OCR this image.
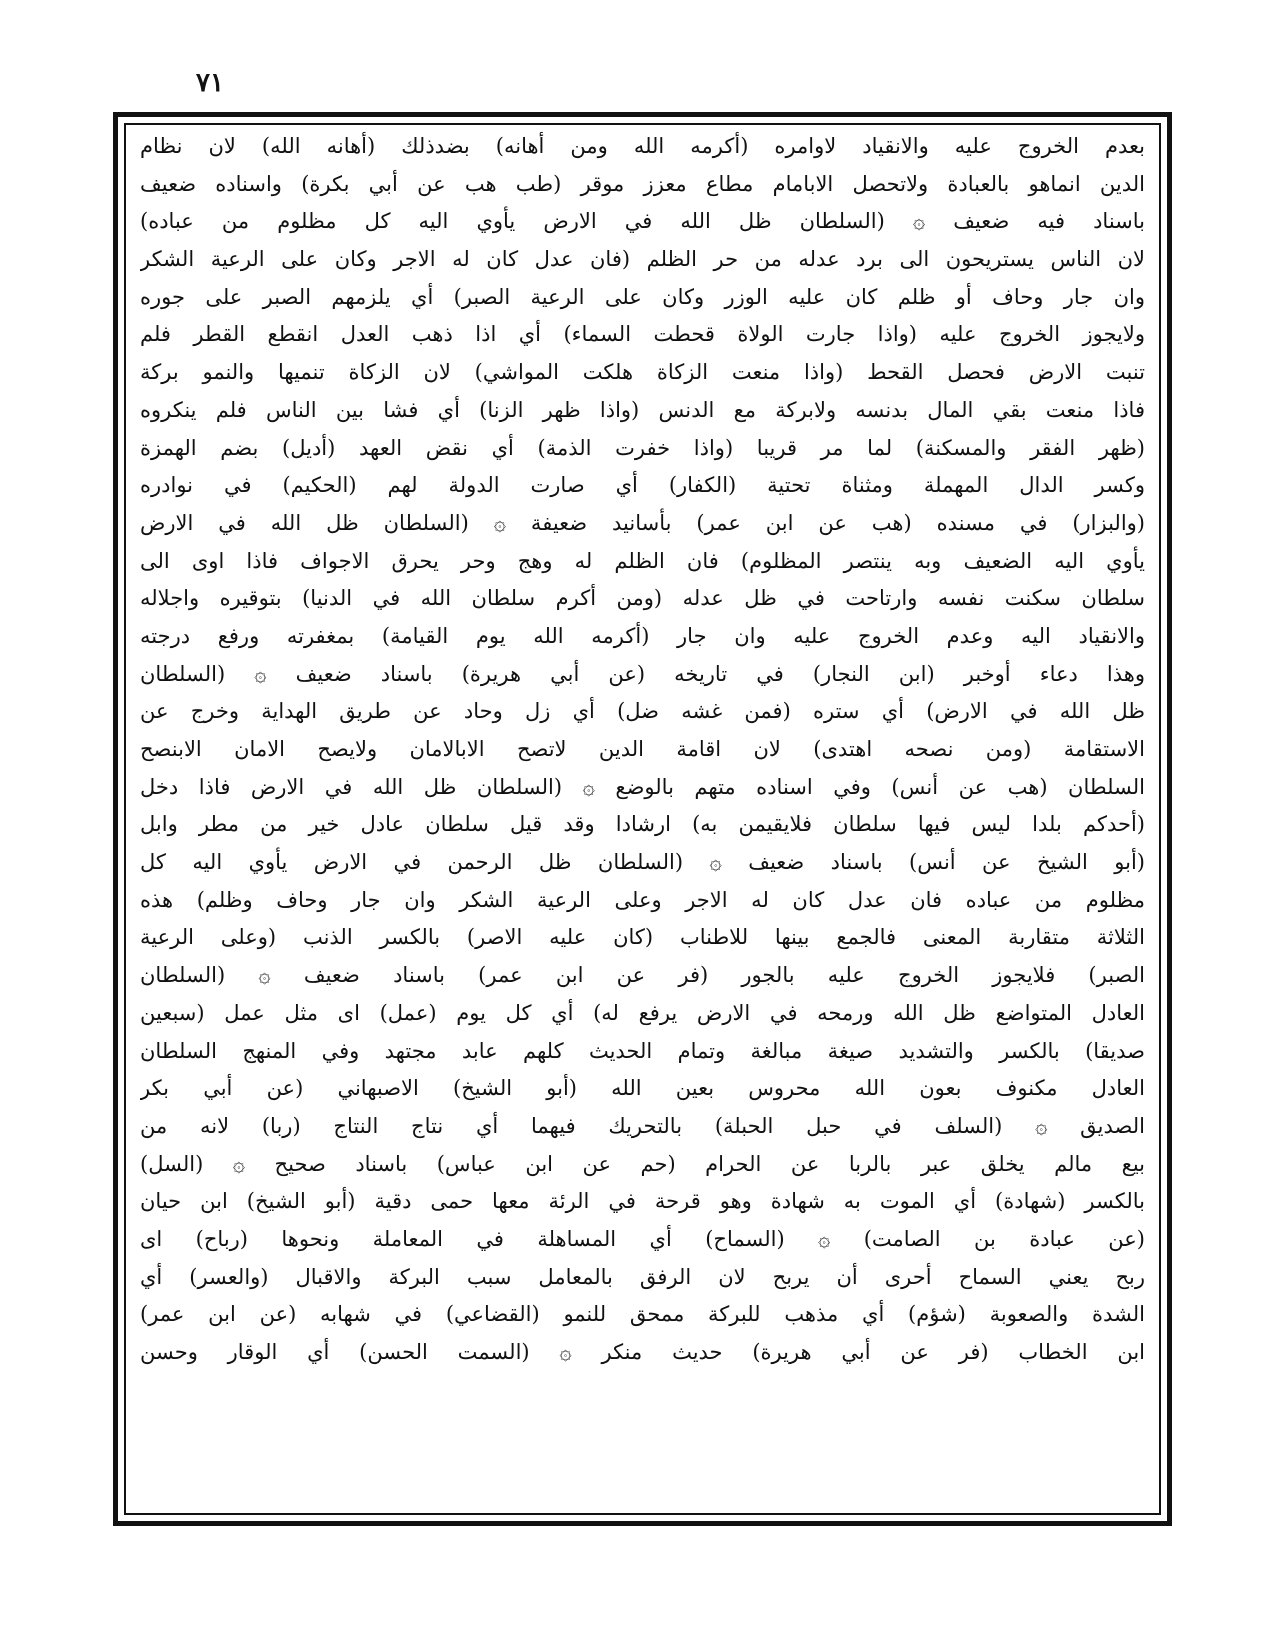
٧١
بعدم الخروج عليه والانقياد لاوامره (أكرمه الله ومن أهانه) بضدذلك (أهانه الله) لان نظام
الدين انماهو بالعبادة ولاتحصل الابامام مطاع معزز موقر (طب هب عن أبي بكرة) واسناده ضعيف
باسناد فيه ضعيف ۞ (السلطان ظل الله في الارض يأوي اليه كل مظلوم من عباده)
لان الناس يستريحون الى برد عدله من حر الظلم (فان عدل كان له الاجر وكان على الرعية الشكر
وان جار وحاف أو ظلم كان عليه الوزر وكان على الرعية الصبر) أي يلزمهم الصبر على جوره
ولايجوز الخروج عليه (واذا جارت الولاة قحطت السماء) أي اذا ذهب العدل انقطع القطر فلم
تنبت الارض فحصل القحط (واذا منعت الزكاة هلكت المواشي) لان الزكاة تنميها والنمو بركة
فاذا منعت بقي المال بدنسه ولابركة مع الدنس (واذا ظهر الزنا) أي فشا بين الناس فلم ينكروه
(ظهر الفقر والمسكنة) لما مر قريبا (واذا خفرت الذمة) أي نقض العهد (أديل) بضم الهمزة
وكسر الدال المهملة ومثناة تحتية (الكفار) أي صارت الدولة لهم (الحكيم) في نوادره
(والبزار) في مسنده (هب عن ابن عمر) بأسانيد ضعيفة ۞ (السلطان ظل الله في الارض
يأوي اليه الضعيف وبه ينتصر المظلوم) فان الظلم له وهج وحر يحرق الاجواف فاذا اوى الى
سلطان سكنت نفسه وارتاحت في ظل عدله (ومن أكرم سلطان الله في الدنيا) بتوقيره واجلاله
والانقياد اليه وعدم الخروج عليه وان جار (أكرمه الله يوم القيامة) بمغفرته ورفع درجته
وهذا دعاء أوخبر (ابن النجار) في تاريخه (عن أبي هريرة) باسناد ضعيف ۞ (السلطان
ظل الله في الارض) أي ستره (فمن غشه ضل) أي زل وحاد عن طريق الهداية وخرج عن
الاستقامة (ومن نصحه اهتدى) لان اقامة الدين لاتصح الابالامان ولايصح الامان الابنصح
السلطان (هب عن أنس) وفي اسناده متهم بالوضع ۞ (السلطان ظل الله في الارض فاذا دخل
(أحدكم بلدا ليس فيها سلطان فلايقيمن به) ارشادا وقد قيل سلطان عادل خير من مطر وابل
(أبو الشيخ عن أنس) باسناد ضعيف ۞ (السلطان ظل الرحمن في الارض يأوي اليه كل
مظلوم من عباده فان عدل كان له الاجر وعلى الرعية الشكر وان جار وحاف وظلم) هذه
الثلاثة متقاربة المعنى فالجمع بينها للاطناب (كان عليه الاصر) بالكسر الذنب (وعلى الرعية
الصبر) فلايجوز الخروج عليه بالجور (فر عن ابن عمر) باسناد ضعيف ۞ (السلطان
العادل المتواضع ظل الله ورمحه في الارض يرفع له) أي كل يوم (عمل) اى مثل عمل (سبعين
صديقا) بالكسر والتشديد صيغة مبالغة وتمام الحديث كلهم عابد مجتهد وفي المنهج السلطان
العادل مكنوف بعون الله محروس بعين الله (أبو الشيخ) الاصبهاني (عن أبي بكر
الصديق ۞ (السلف في حبل الحبلة) بالتحريك فيهما أي نتاج النتاج (ربا) لانه من
بيع مالم يخلق عبر بالربا عن الحرام (حم عن ابن عباس) باسناد صحيح ۞ (السل)
بالكسر (شهادة) أي الموت به شهادة وهو قرحة في الرئة معها حمى دقية (أبو الشيخ) ابن حيان
(عن عبادة بن الصامت) ۞ (السماح) أي المساهلة في المعاملة ونحوها (رباح) اى
ربح يعني السماح أحرى أن يربح لان الرفق بالمعامل سبب البركة والاقبال (والعسر) أي
الشدة والصعوبة (شؤم) أي مذهب للبركة ممحق للنمو (القضاعي) في شهابه (عن ابن عمر)
ابن الخطاب (فر عن أبي هريرة) حديث منكر ۞ (السمت الحسن) أي الوقار وحسن
